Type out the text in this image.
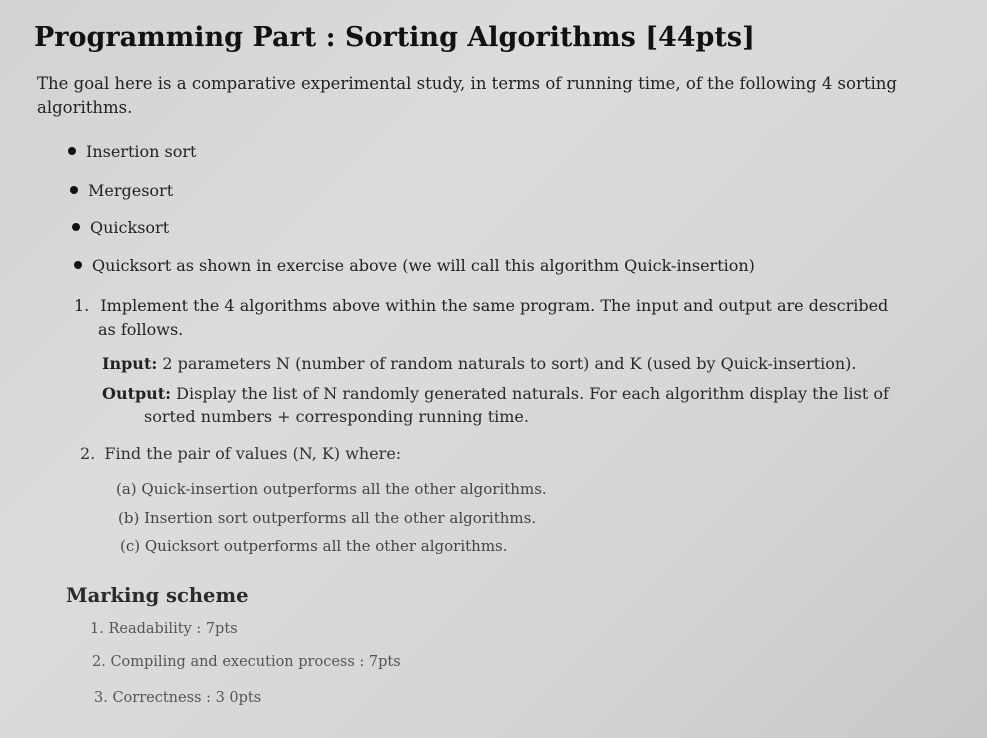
Programming Part : Sorting Algorithms [44pts]
The goal here is a comparative experimental study, in terms of running time, of the following 4 sorting
algorithms.
Insertion sort
Mergesort
Quicksort
Quicksort as shown in exercise above (we will call this algorithm Quick-insertion)
1. Implement the 4 algorithms above within the same program. The input and output are described
as follows.
Input: 2 parameters N (number of random naturals to sort) and K (used by Quick-insertion).
Output: Display the list of N randomly generated naturals. For each algorithm display the list of
sorted numbers + corresponding running time.
2. Find the pair of values (N, K) where:
(a) Quick-insertion outperforms all the other algorithms.
(b) Insertion sort outperforms all the other algorithms.
(c) Quicksort outperforms all the other algorithms.
Marking scheme
1. Readability : 7pts
2. Compiling and execution process : 7pts
3. Correctness : 3 0pts
